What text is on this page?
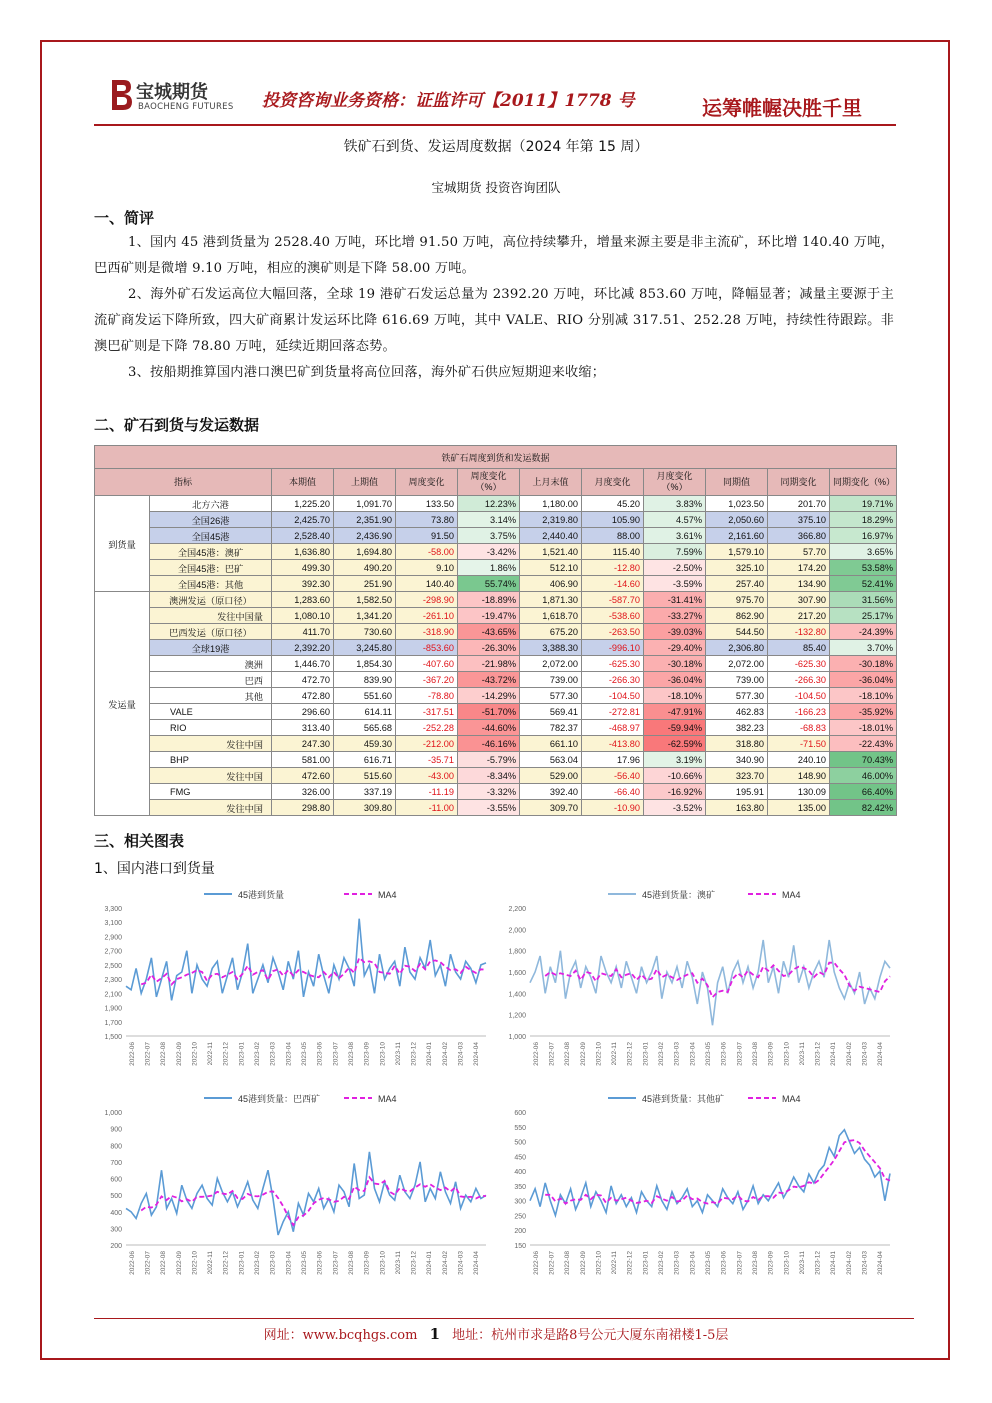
宝城期货
BAOCHENG FUTURES 投资咨询业务资格：证监许可【2011】1778 号	运筹帷幄决胜千里
铁矿石到货、发运周度数据（2024 年第 15 周）
宝城期货 投资咨询团队
一、简评

1、国内 45 港到货量为 2528.40 万吨，环比增 91.50 万吨，高位持续攀升，增量来源主要是非主流矿，环比增 140.40 万吨，巴西矿则是微增 9.10 万吨，相应的澳矿则是下降 58.00 万吨。

2、海外矿石发运高位大幅回落，全球 19 港矿石发运总量为 2392.20 万吨，环比减 853.60 万吨，降幅显著；减量主要源于主流矿商发运下降所致，四大矿商累计发运环比降 616.69 万吨，其中 VALE、RIO 分别减 317.51、252.28 万吨，持续性待跟踪。非澳巴矿则是下降 78.80 万吨，延续近期回落态势。

3、按船期推算国内港口澳巴矿到货量将高位回落，海外矿石供应短期迎来收缩；

二、矿石到货与发运数据
铁矿石周度到货和发运数据											
指标		本期值	上期值	周度变化	周度变化（%）	上月末值	月度变化	月度变化（%）	同期值	同期变化	同期变化（%）
到货量	北方六港	1,225.20	1,091.70	133.50	12.23%	1,180.00	45.20	3.83%	1,023.50	201.70	19.71%
	全国26港	2,425.70	2,351.90	73.80	3.14%	2,319.80	105.90	4.57%	2,050.60	375.10	18.29%
	全国45港	2,528.40	2,436.90	91.50	3.75%	2,440.40	88.00	3.61%	2,161.60	366.80	16.97%
	全国45港：澳矿	1,636.80	1,694.80	-58.00	-3.42%	1,521.40	115.40	7.59%	1,579.10	57.70	3.65%
	全国45港：巴矿	499.30	490.20	9.10	1.86%	512.10	-12.80	-2.50%	325.10	174.20	53.58%
	全国45港：其他	392.30	251.90	140.40	55.74%	406.90	-14.60	-3.59%	257.40	134.90	52.41%
发运量	澳洲发运（原口径）	1,283.60	1,582.50	-298.90	-18.89%	1,871.30	-587.70	-31.41%	975.70	307.90	31.56%
	发往中国量	1,080.10	1,341.20	-261.10	-19.47%	1,618.70	-538.60	-33.27%	862.90	217.20	25.17%
	巴西发运（原口径）	411.70	730.60	-318.90	-43.65%	675.20	-263.50	-39.03%	544.50	-132.80	-24.39%
	全球19港	2,392.20	3,245.80	-853.60	-26.30%	3,388.30	-996.10	-29.40%	2,306.80	85.40	3.70%
	澳洲	1,446.70	1,854.30	-407.60	-21.98%	2,072.00	-625.30	-30.18%	2,072.00	-625.30	-30.18%
	巴西	472.70	839.90	-367.20	-43.72%	739.00	-266.30	-36.04%	739.00	-266.30	-36.04%
	其他	472.80	551.60	-78.80	-14.29%	577.30	-104.50	-18.10%	577.30	-104.50	-18.10%
	VALE	296.60	614.11	-317.51	-51.70%	569.41	-272.81	-47.91%	462.83	-166.23	-35.92%
	RIO	313.40	565.68	-252.28	-44.60%	782.37	-468.97	-59.94%	382.23	-68.83	-18.01%
	发往中国	247.30	459.30	-212.00	-46.16%	661.10	-413.80	-62.59%	318.80	-71.50	-22.43%
	BHP	581.00	616.71	-35.71	-5.79%	563.04	17.96	3.19%	340.90	240.10	70.43%
	发往中国	472.60	515.60	-43.00	-8.34%	529.00	-56.40	-10.66%	323.70	148.90	46.00%
	FMG	326.00	337.19	-11.19	-3.32%	392.40	-66.40	-16.92%	195.91	130.09	66.40%
	发往中国	298.80	309.80	-11.00	-3.55%	309.70	-10.90	-3.52%	163.80	135.00	82.42%
三、相关图表
1、国内港口到货量
45港到货量	MA4
3,300
3,100
2,900
2,700
2,500
2,300
2,100
1,900
1,700
1,500
2022-06 2022-07 2022-08 2022-09 2022-10 2022-11 2022-12 2023-01 2023-02 2023-03 2023-04 2023-05 2023-06 2023-07 2023-08 2023-09 2023-10 2023-11 2023-12 2024-01 2024-02 2024-03 2024-04
45港到货量：澳矿	MA4
2,200
2,000
1,800
1,600
1,400
1,200
1,000
2022-06 2022-07 2022-08 2022-09 2022-10 2022-11 2022-12 2023-01 2023-02 2023-03 2023-04 2023-05 2023-06 2023-07 2023-08 2023-09 2023-10 2023-11 2023-12 2024-01 2024-02 2024-03 2024-04
45港到货量：巴西矿	MA4
1,000
900
800
700
600
500
400
300
200
2022-06 2022-07 2022-08 2022-09 2022-10 2022-11 2022-12 2023-01 2023-02 2023-03 2023-04 2023-05 2023-06 2023-07 2023-08 2023-09 2023-10 2023-11 2023-12 2024-01 2024-02 2024-03 2024-04
45港到货量：其他矿	MA4
600
550
500
450
400
350
300
250
200
150
2022-06 2022-07 2022-08 2022-09 2022-10 2022-11 2022-12 2023-01 2023-02 2023-03 2023-04 2023-05 2023-06 2023-07 2023-08 2023-09 2023-10 2023-11 2023-12 2024-01 2024-02 2024-03 2024-04
网址：www.bcqhgs.com 1 地址：杭州市求是路8号公元大厦东南裙楼1-5层
